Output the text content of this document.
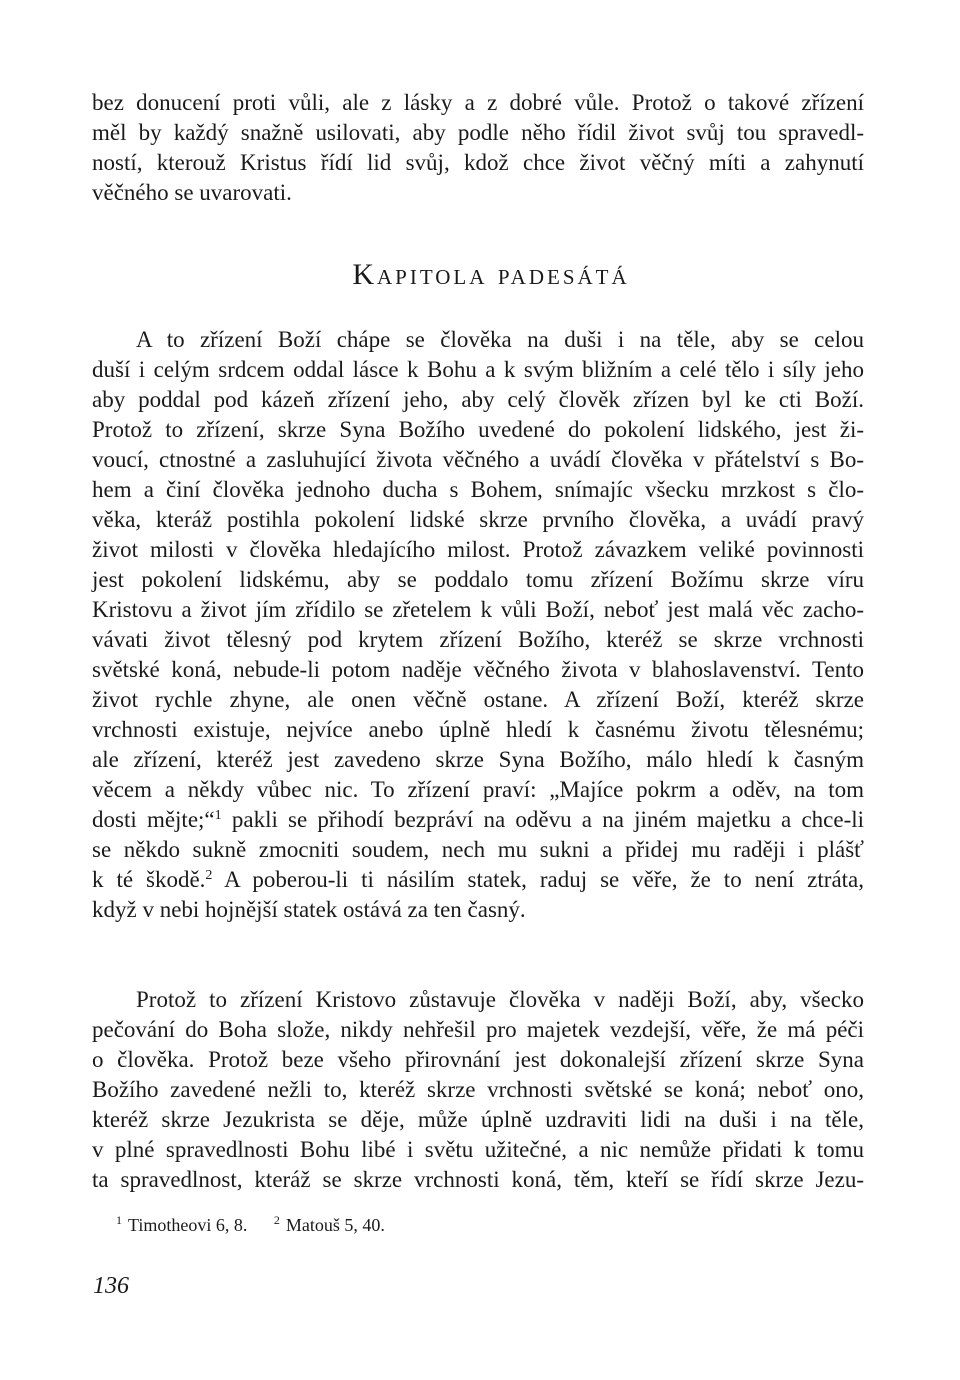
bez donucení proti vůli, ale z lásky a z dobré vůle. Protož o takové zřízení
měl by každý snažně usilovati, aby podle něho řídil život svůj tou spravedl-
ností, kterouž Kristus řídí lid svůj, kdož chce život věčný míti a zahynutí
věčného se uvarovati.
Kapitola padesátá
A to zřízení Boží chápe se člověka na duši i na těle, aby se celou
duší i celým srdcem oddal lásce k Bohu a k svým bližním a celé tělo i síly jeho
aby poddal pod kázeň zřízení jeho, aby celý člověk zřízen byl ke cti Boží.
Protož to zřízení, skrze Syna Božího uvedené do pokolení lidského, jest ži-
voucí, ctnostné a zasluhující života věčného a uvádí člověka v přátelství s Bo-
hem a činí člověka jednoho ducha s Bohem, snímajíc všecku mrzkost s člo-
věka, kteráž postihla pokolení lidské skrze prvního člověka, a uvádí pravý
život milosti v člověka hledajícího milost. Protož závazkem veliké povinnosti
jest pokolení lidskému, aby se poddalo tomu zřízení Božímu skrze víru
Kristovu a život jím zřídilo se zřetelem k vůli Boží, neboť jest malá věc zacho-
vávati život tělesný pod krytem zřízení Božího, kteréž se skrze vrchnosti
světské koná, nebude-li potom naděje věčného života v blahoslavenství. Tento
život rychle zhyne, ale onen věčně ostane. A zřízení Boží, kteréž skrze
vrchnosti existuje, nejvíce anebo úplně hledí k časnému životu tělesnému;
ale zřízení, kteréž jest zavedeno skrze Syna Božího, málo hledí k časným
věcem a někdy vůbec nic. To zřízení praví: „Majíce pokrm a oděv, na tom
dosti mějte;“$^1$ pakli se přihodí bezpráví na oděvu a na jiném majetku a chce-li
se někdo sukně zmocniti soudem, nech mu sukni a přidej mu raději i plášť
k té škodě.$^2$ A poberou-li ti násilím statek, raduj se věře, že to není ztráta,
když v nebi hojnější statek ostává za ten časný.
Protož to zřízení Kristovo zůstavuje člověka v naději Boží, aby, všecko
pečování do Boha slože, nikdy nehřešil pro majetek vezdejší, věře, že má péči
o člověka. Protož beze všeho přirovnání jest dokonalejší zřízení skrze Syna
Božího zavedené nežli to, kteréž skrze vrchnosti světské se koná; neboť ono,
kteréž skrze Jezukrista se děje, může úplně uzdraviti lidi na duši i na těle,
v plné spravedlnosti Bohu libé i světu užitečné, a nic nemůže přidati k tomu
ta spravedlnost, kteráž se skrze vrchnosti koná, těm, kteří se řídí skrze Jezu-
$^1$ Timotheovi 6, 8. $^2$ Matouš 5, 40.
136
